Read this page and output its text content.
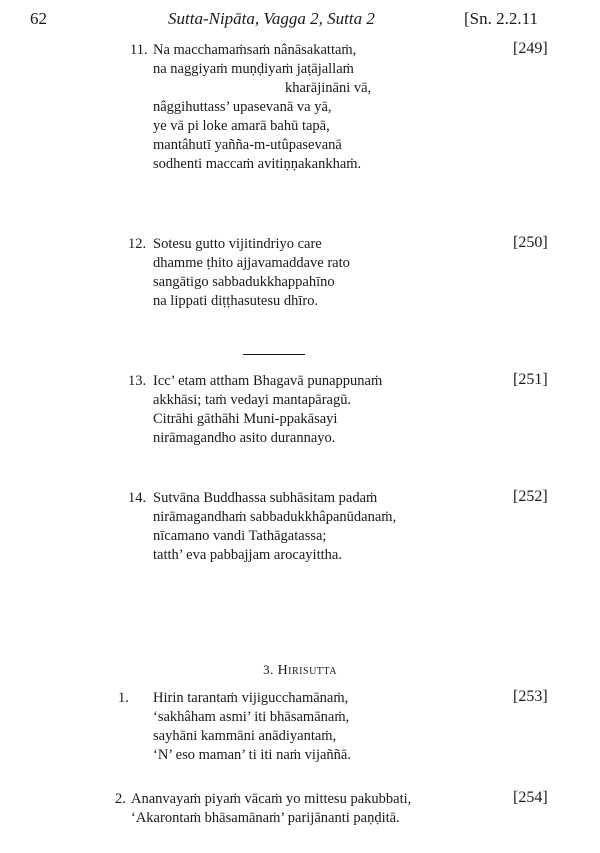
62	Sutta-Nipāta, Vagga 2, Sutta 2	[Sn. 2.2.11
11.	[249]
Na macchamaṁsaṁ nânāsakattaṁ,
na naggiyaṁ muṇḍiyaṁ jaṭājallaṁ
kharājināni vā,
nâggihuttass’ upasevanā va yā,
ye vā pi loke amarā bahū tapā,
mantâhutī yañña-m-utûpasevanā
sodhenti maccaṁ avitiṇṇakankhaṁ.
12.	[250]
Sotesu gutto vijitindriyo care
dhamme ṭhito ajjavamaddave rato
sangātigo sabbadukkhappahīno
na lippati diṭṭhasutesu dhīro.
13.	[251]
Icc’ etam attham Bhagavā punappunaṁ
akkhāsi; taṁ vedayi mantapāragū.
Citrāhi gāthāhi Muni-ppakāsayi
nirāmagandho asito durannayo.
14.	[252]
Sutvāna Buddhassa subhāsitam padaṁ
nirāmagandhaṁ sabbadukkhâpanūdanaṁ,
nīcamano vandi Tathāgatassa;
tatth’ eva pabbajjam arocayittha.
3. Hirisutta
1.	[253]
Hirin tarantaṁ vijigucchamānaṁ,
‘sakhâham asmi’ iti bhāsamānaṁ,
sayhāni kammāni anādiyantaṁ,
‘N’ eso maman’ ti iti naṁ vijaññā.
2.	[254]
Ananvayaṁ piyaṁ vācaṁ yo mittesu pakubbati,
‘Akarontaṁ bhāsamānaṁ’ parijānanti paṇḍitā.
